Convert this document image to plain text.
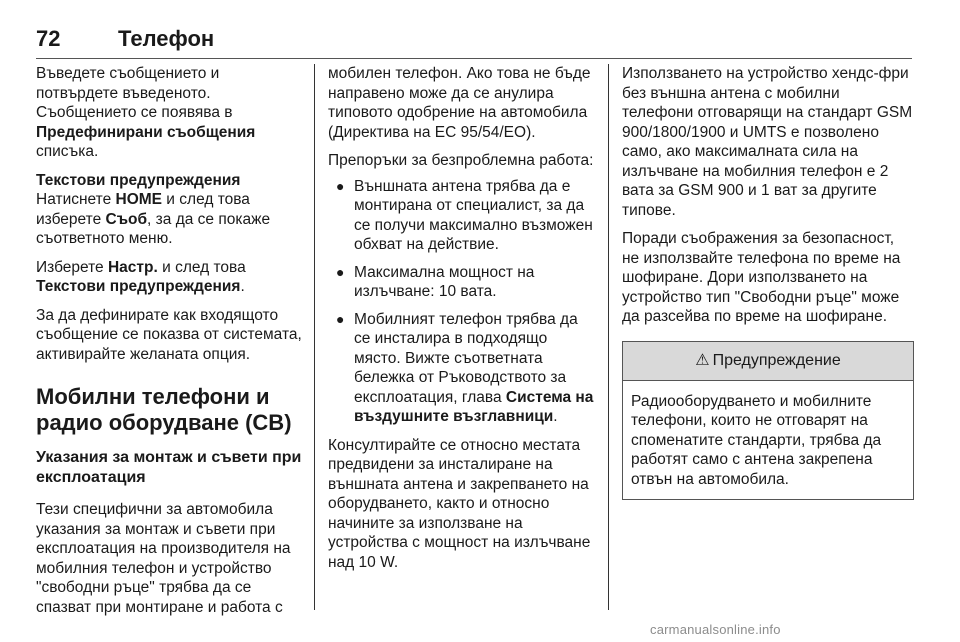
72	Телефон

Въведете съобщението и потвърдете въведеното. Съобщението се появява в Предефинирани съобщения списъка.

Текстови предупреждения

Натиснете HOME и след това изберете Съоб, за да се покаже съответното меню.

Изберете Настр. и след това Текстови предупреждения.

За да дефинирате как входящото съобщение се показва от системата, активирайте желаната опция.

Мобилни телефони и радио оборудване (CB)
Указания за монтаж и съвети при експлоатация

Тези специфични за автомобила указания за монтаж и съвети при експлоатация на производителя на мобилния телефон и устройство "свободни ръце" трябва да се спазват при монтиране и работа с

мобилен телефон. Ако това не бъде направено може да се анулира типовото одобрение на автомобила (Директива на ЕС 95/54/ЕО).

Препоръки за безпроблемна работа:

● Външната антена трябва да е монтирана от специалист, за да се получи максимално възможен обхват на действие.
● Максимална мощност на излъчване: 10 вата.
● Мобилният телефон трябва да се инсталира в подходящо място. Вижте съответната бележка от Ръководството за експлоатация, глава Система на въздушните възглавници.

Консултирайте се относно местата предвидени за инсталиране на външната антена и закрепването на оборудването, както и относно начините за използване на устройства с мощност на излъчване над 10 W.

Използването на устройство хендс-фри без външна антена с мобилни телефони отговарящи на стандарт GSM 900/1800/1900 и UMTS е позволено само, ако максималната сила на излъчване на мобилния телефон е 2 вата за GSM 900 и 1 ват за другите типове.

Поради съображения за безопасност, не използвайте телефона по време на шофиране. Дори използването на устройство тип "Свободни ръце" може да разсейва по време на шофиране.

⚠ Предупреждение
Радиооборудването и мобилните телефони, които не отговарят на споменатите стандарти, трябва да работят само с антена закрепена отвън на автомобила.
carmanualsonline.info
